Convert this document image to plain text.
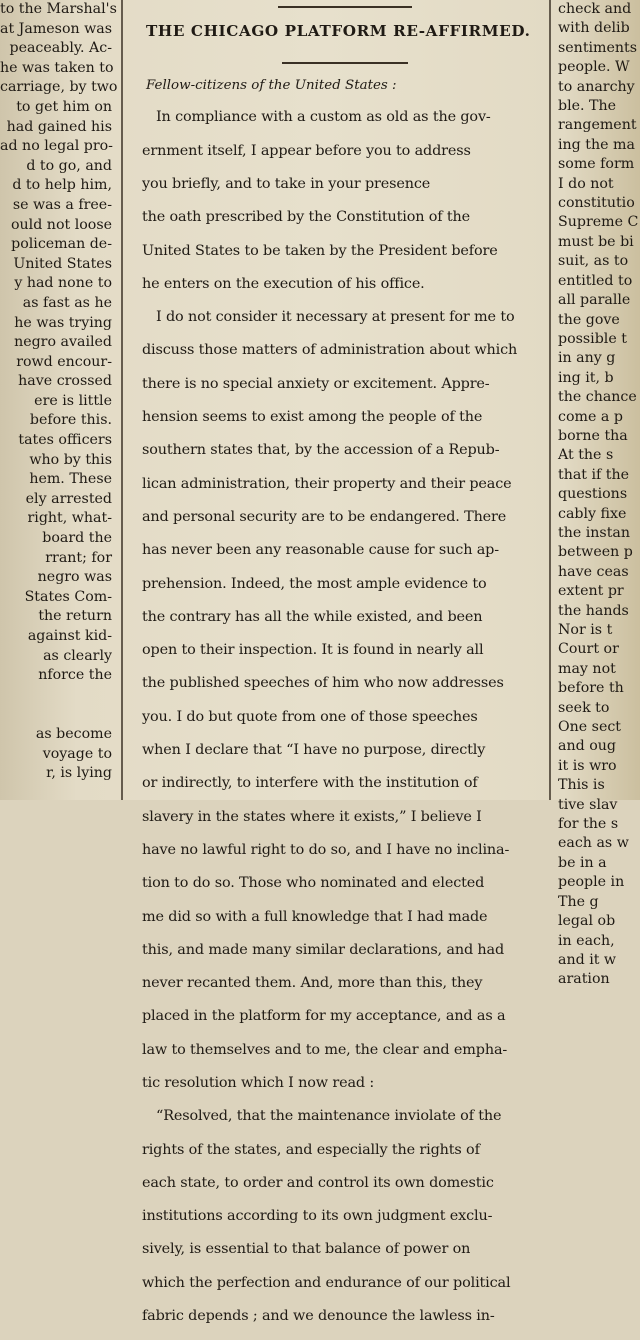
to the Marshal's

at Jameson was

peaceably. Ac-

he was taken to

carriage, by two

to get him on

had gained his

ad no legal pro-

d to go, and

d to help him,

se was a free-

ould not loose

policeman de-

United States

y had none to

as fast as he

he was trying

negro availed

rowd encour-

have crossed

ere is little

before this.

tates officers

who by this

hem. These

ely arrested

right, what-

board the

rrant; for

negro was

States Com-

the return

against kid-

as clearly

nforce the

as become

voyage to

r, is lying

THE CHICAGO PLATFORM RE-AFFIRMED.
Fellow-citizens of the United States :

In compliance with a custom as old as the gov-

ernment itself, I appear before you to address

you briefly, and to take in your presence

the oath prescribed by the Constitution of the

United States to be taken by the President before

he enters on the execution of his office.

I do not consider it necessary at present for me to

discuss those matters of administration about which

there is no special anxiety or excitement. Appre-

hension seems to exist among the people of the

southern states that, by the accession of a Repub-

lican administration, their property and their peace

and personal security are to be endangered. There

has never been any reasonable cause for such ap-

prehension. Indeed, the most ample evidence to

the contrary has all the while existed, and been

open to their inspection. It is found in nearly all

the published speeches of him who now addresses

you. I do but quote from one of those speeches

when I declare that “I have no purpose, directly

or indirectly, to interfere with the institution of

slavery in the states where it exists,” I believe I

have no lawful right to do so, and I have no inclina-

tion to do so. Those who nominated and elected

me did so with a full knowledge that I had made

this, and made many similar declarations, and had

never recanted them. And, more than this, they

placed in the platform for my acceptance, and as a

law to themselves and to me, the clear and empha-

tic resolution which I now read :

“Resolved, that the maintenance inviolate of the

rights of the states, and especially the rights of

each state, to order and control its own domestic

institutions according to its own judgment exclu-

sively, is essential to that balance of power on

which the perfection and endurance of our political

fabric depends ; and we denounce the lawless in-

check and

with delib

sentiments

people. W

to anarchy

ble. The

rangement

ing the ma

some form

I do not

constitutio

Supreme C

must be bi

suit, as to

entitled to

all paralle

the gove

possible t

in any g

ing it, b

the chance

come a p

borne tha

At the s

that if the

questions

cably fixe

the instan

between p

have ceas

extent pr

the hands

Nor is t

Court or

may not

before th

seek to

One sect

and oug

it is wro

This is

tive slav

for the s

each as w

be in a

people in

The g

legal ob

in each,

and it w

aration
